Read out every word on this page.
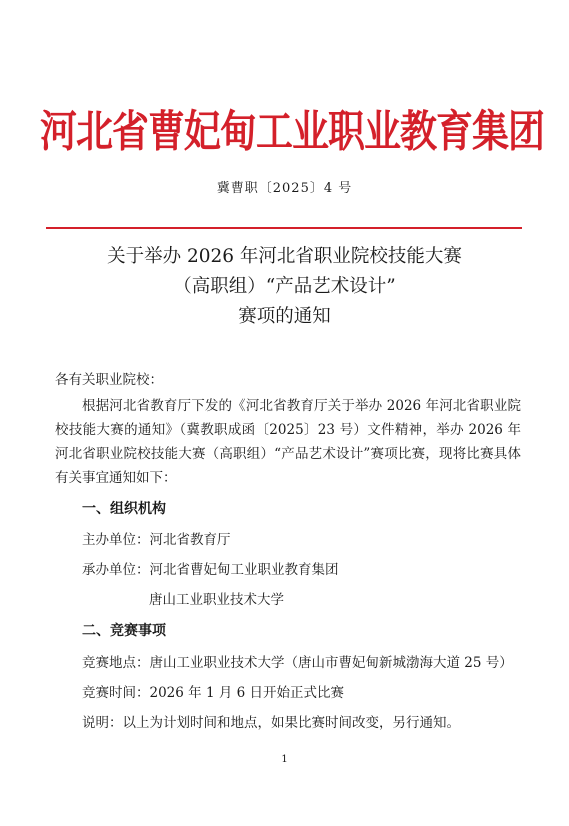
河北省曹妃甸工业职业教育集团
冀曹职〔2025〕4 号
关于举办 2026 年河北省职业院校技能大赛
（高职组）“产品艺术设计”
赛项的通知
各有关职业院校：
根据河北省教育厅下发的《河北省教育厅关于举办 2026 年河北省职业院校技能大赛的通知》（冀教职成函〔2025〕23 号）文件精神，举办 2026 年河北省职业院校技能大赛（高职组）“产品艺术设计”赛项比赛，现将比赛具体有关事宜通知如下：
一、组织机构
主办单位：河北省教育厅
承办单位：河北省曹妃甸工业职业教育集团
唐山工业职业技术大学
二、竞赛事项
竞赛地点：唐山工业职业技术大学（唐山市曹妃甸新城渤海大道 25 号）
竞赛时间：2026 年 1 月 6 日开始正式比赛
说明：以上为计划时间和地点，如果比赛时间改变，另行通知。
1
